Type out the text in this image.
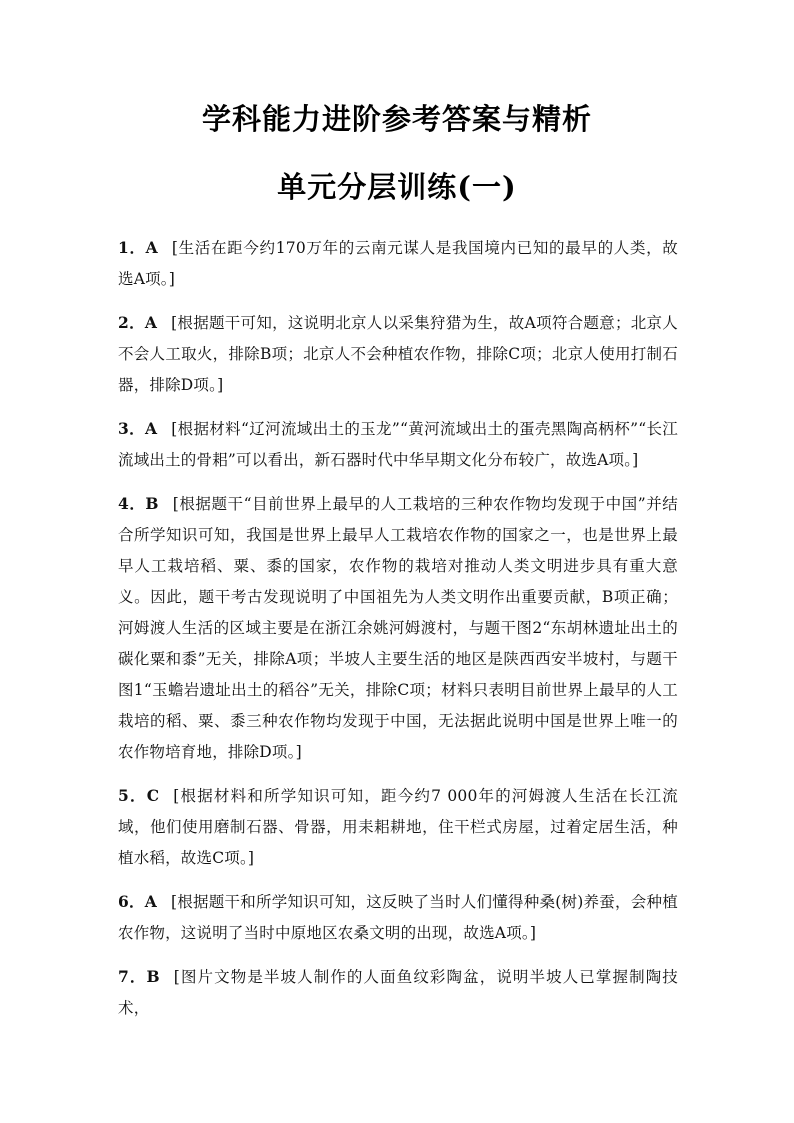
学科能力进阶参考答案与精析
单元分层训练(一)

1．A [生活在距今约170万年的云南元谋人是我国境内已知的最早的人类，故选A项。]

2．A [根据题干可知，这说明北京人以采集狩猎为生，故A项符合题意；北京人不会人工取火，排除B项；北京人不会种植农作物，排除C项；北京人使用打制石器，排除D项。]

3．A [根据材料“辽河流域出土的玉龙”“黄河流域出土的蛋壳黑陶高柄杯”“长江流域出土的骨耜”可以看出，新石器时代中华早期文化分布较广，故选A项。]

4．B [根据题干“目前世界上最早的人工栽培的三种农作物均发现于中国”并结合所学知识可知，我国是世界上最早人工栽培农作物的国家之一，也是世界上最早人工栽培稻、粟、黍的国家，农作物的栽培对推动人类文明进步具有重大意义。因此，题干考古发现说明了中国祖先为人类文明作出重要贡献，B项正确；河姆渡人生活的区域主要是在浙江余姚河姆渡村，与题干图2“东胡林遗址出土的碳化粟和黍”无关，排除A项；半坡人主要生活的地区是陕西西安半坡村，与题干图1“玉蟾岩遗址出土的稻谷”无关，排除C项；材料只表明目前世界上最早的人工栽培的稻、粟、黍三种农作物均发现于中国，无法据此说明中国是世界上唯一的农作物培育地，排除D项。]

5．C [根据材料和所学知识可知，距今约7 000年的河姆渡人生活在长江流域，他们使用磨制石器、骨器，用耒耜耕地，住干栏式房屋，过着定居生活，种植水稻，故选C项。]

6．A [根据题干和所学知识可知，这反映了当时人们懂得种桑(树)养蚕，会种植农作物，这说明了当时中原地区农桑文明的出现，故选A项。]

7．B [图片文物是半坡人制作的人面鱼纹彩陶盆，说明半坡人已掌握制陶技术，
